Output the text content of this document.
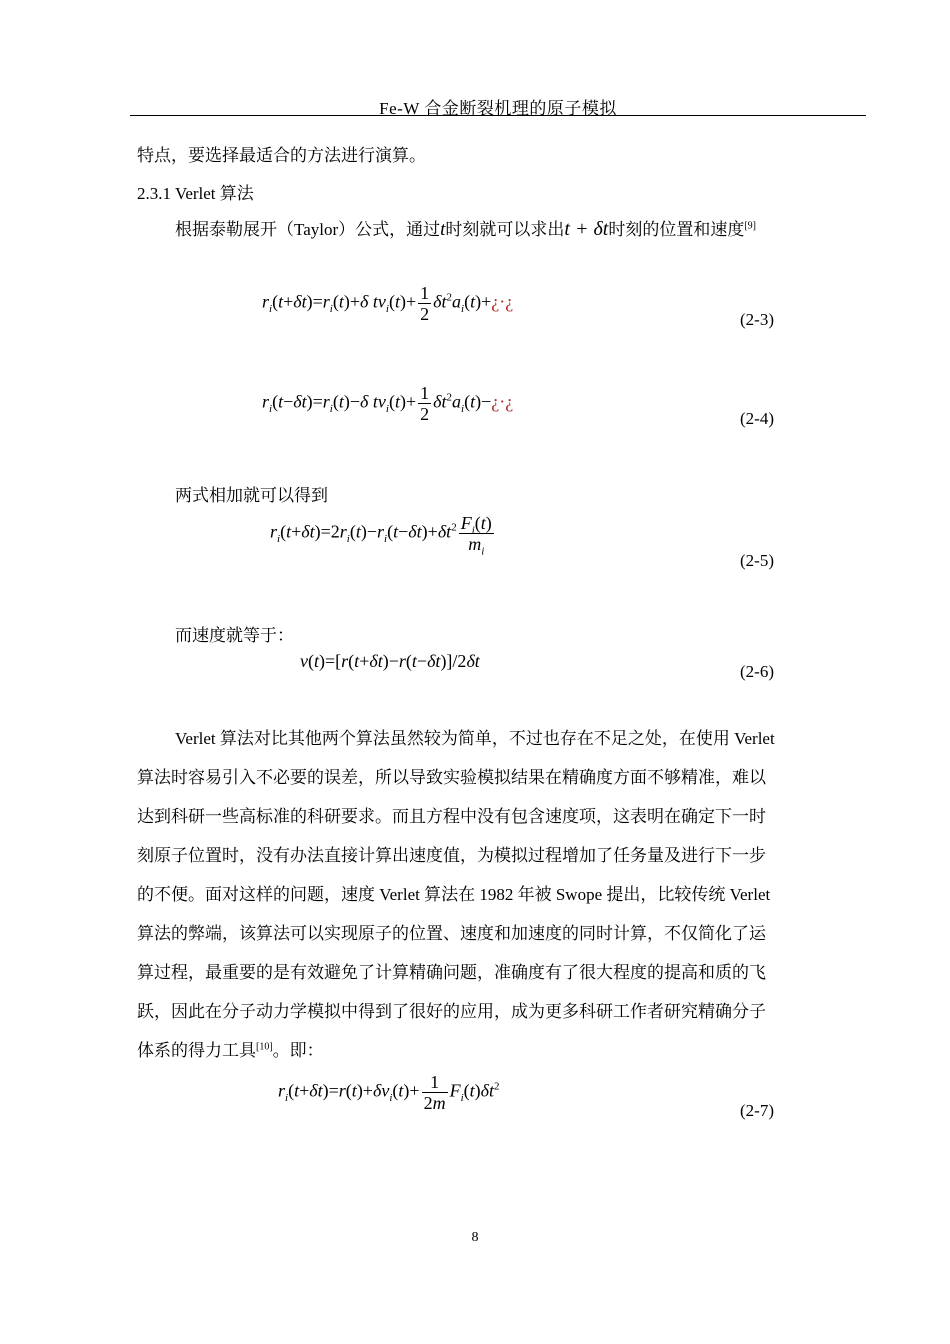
Fe-W 合金断裂机理的原子模拟
特点，要选择最适合的方法进行演算。
2.3.1 Verlet 算法
根据泰勒展开（Taylor）公式，通过t时刻就可以求出t + δt时刻的位置和速度[9]
$r_i(t+\delta t)=r_i(t)+\delta$ $tv_i(t)+ \frac{1}{2}$ $\delta t^2a_i(t)+¿\cdot¿$
(2-3)
$r_i(t-\delta t)=r_i(t)-\delta$ $tv_i(t)+ \frac{1}{2}$ $\delta t^2a_i(t)-¿\cdot¿$
(2-4)
两式相加就可以得到
$r_i(t+\delta t)=2r_i(t)-r_i(t-\delta t)+\delta t^2 \frac{F_i(t)}{m_i}$
(2-5)
而速度就等于：
v(t)=[r(t+δt)−r(t−δt)]/2δt
(2-6)
Verlet 算法对比其他两个算法虽然较为简单，不过也存在不足之处，在使用 Verlet
算法时容易引入不必要的误差，所以导致实验模拟结果在精确度方面不够精准，难以
达到科研一些高标准的科研要求。而且方程中没有包含速度项，这表明在确定下一时
刻原子位置时，没有办法直接计算出速度值，为模拟过程增加了任务量及进行下一步
的不便。面对这样的问题，速度 Verlet 算法在 1982 年被 Swope 提出，比较传统 Verlet
算法的弊端，该算法可以实现原子的位置、速度和加速度的同时计算，不仅简化了运
算过程，最重要的是有效避免了计算精确问题，准确度有了很大程度的提高和质的飞
跃，因此在分子动力学模拟中得到了很好的应用，成为更多科研工作者研究精确分子
体系的得力工具[10]。即：
$r_i(t+\delta t)=r(t)+\delta v_i(t)+ \frac{1}{2m} F_i(t)\delta t^2$
(2-7)
8
